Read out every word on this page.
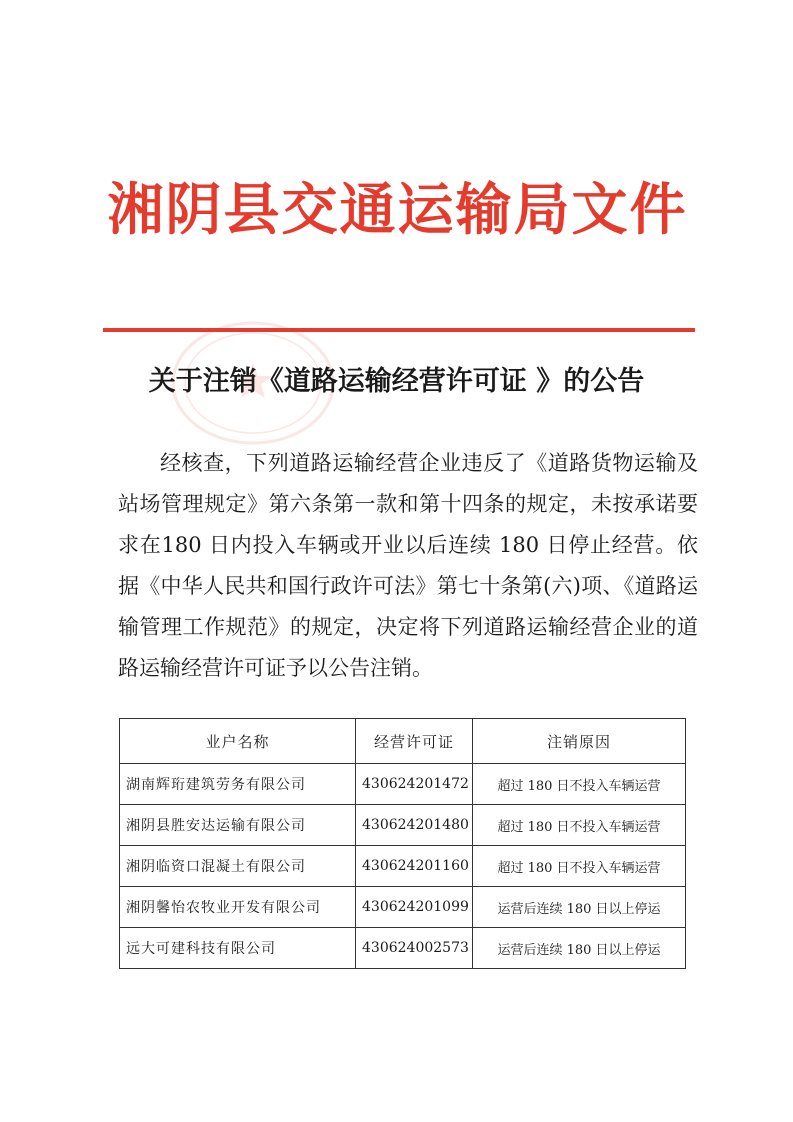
湘阴县交通运输局文件
关于注销《道路运输经营许可证 》的公告

经核查，下列道路运输经营企业违反了《道路货物运输及站场管理规定》第六条第一款和第十四条的规定，未按承诺要求在180 日内投入车辆或开业以后连续 180 日停止经营。依据《中华人民共和国行政许可法》第七十条第(六)项、《道路运输管理工作规范》的规定，决定将下列道路运输经营企业的道路运输经营许可证予以公告注销。

业户名称	经营许可证	注销原因
湖南辉珩建筑劳务有限公司	430624201472	超过 180 日不投入车辆运营
湘阴县胜安达运输有限公司	430624201480	超过 180 日不投入车辆运营
湘阴临资口混凝土有限公司	430624201160	超过 180 日不投入车辆运营
湘阴馨怡农牧业开发有限公司	430624201099	运营后连续 180 日以上停运
远大可建科技有限公司	430624002573	运营后连续 180 日以上停运
